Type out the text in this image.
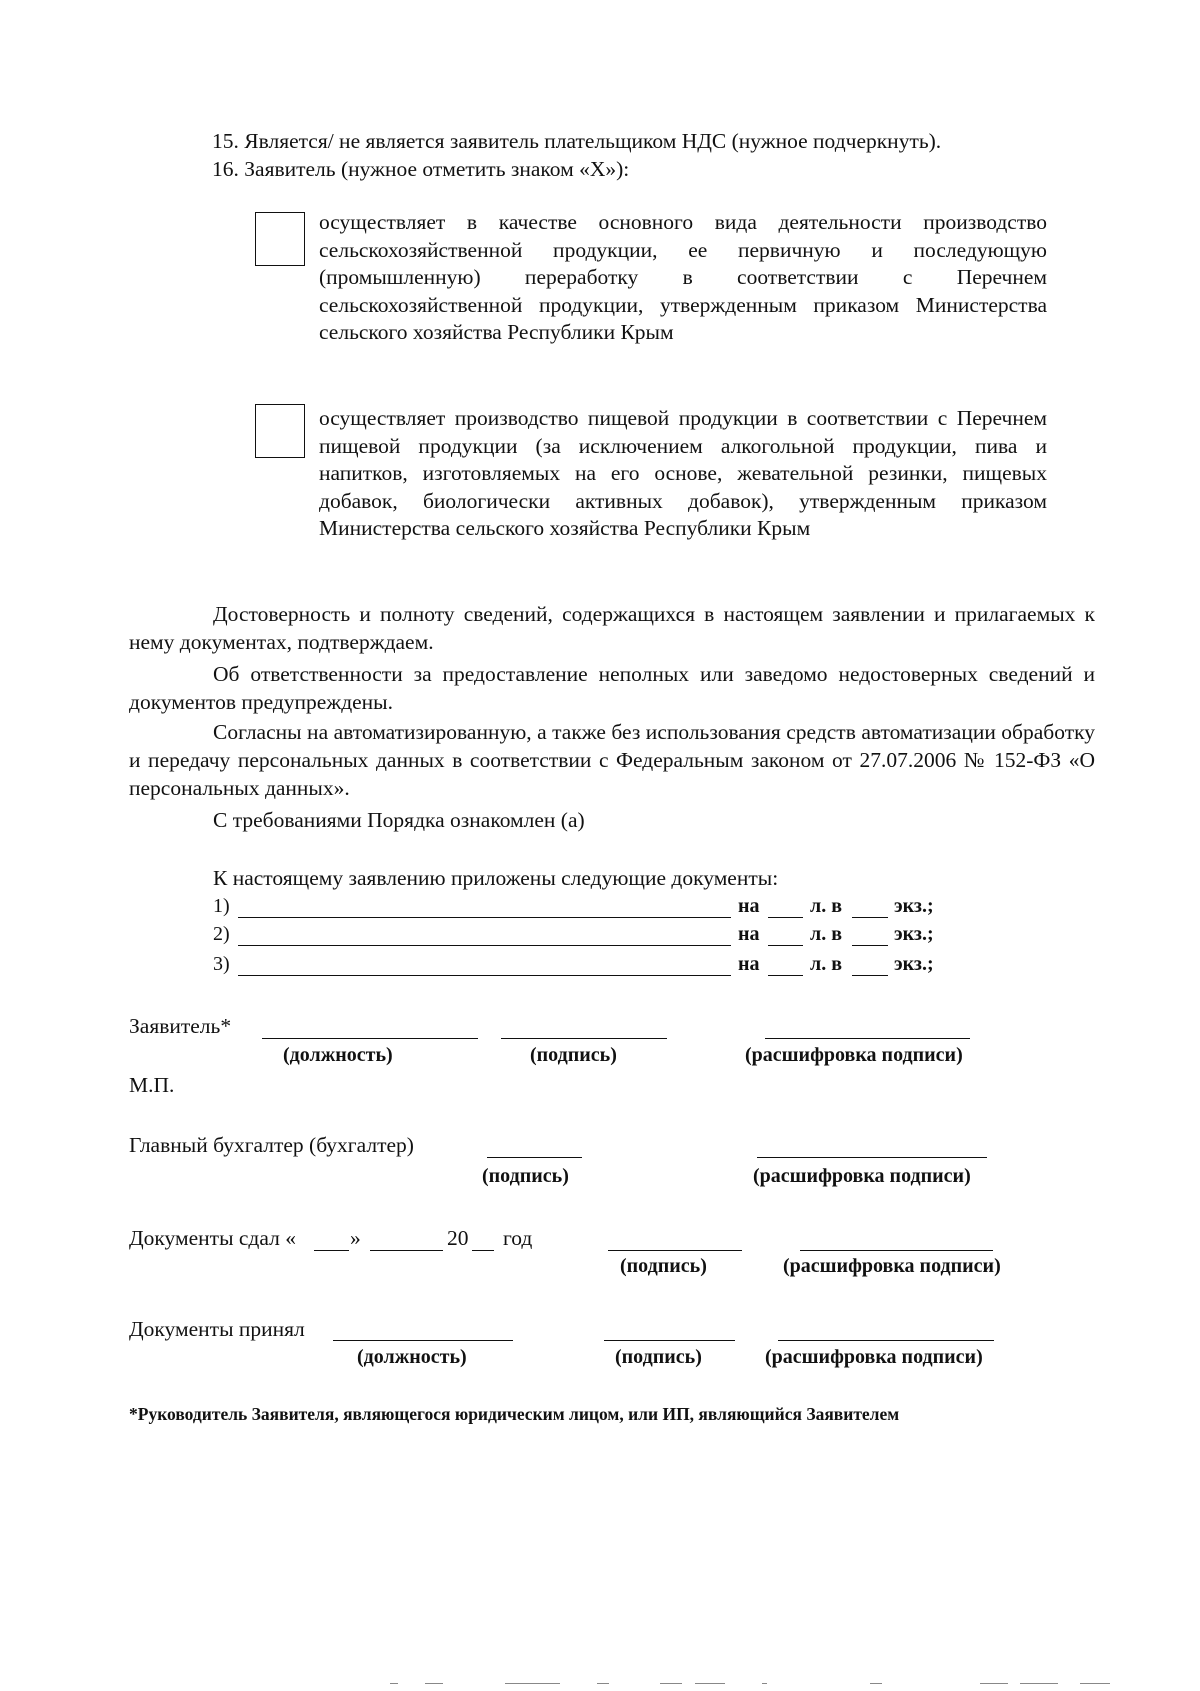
15. Является/ не является заявитель плательщиком НДС (нужное подчеркнуть).
16. Заявитель (нужное отметить знаком «Х»):
осуществляет в качестве основного вида деятельности производство сельскохозяйственной продукции, ее первичную и последующую (промышленную) переработку в соответствии с Перечнем сельскохозяйственной продукции, утвержденным приказом Министерства сельского хозяйства Республики Крым
осуществляет производство пищевой продукции в соответствии с Перечнем пищевой продукции (за исключением алкогольной продукции, пива и напитков, изготовляемых на его основе, жевательной резинки, пищевых добавок, биологически активных добавок), утвержденным приказом Министерства сельского хозяйства Республики Крым
Достоверность и полноту сведений, содержащихся в настоящем заявлении и прилагаемых к нему документах, подтверждаем.
Об ответственности за предоставление неполных или заведомо недостоверных сведений и документов предупреждены.
Согласны на автоматизированную, а также без использования средств автоматизации обработку и передачу персональных данных в соответствии с Федеральным законом от 27.07.2006 № 152-ФЗ «О персональных данных».
С требованиями Порядка ознакомлен (а)
К настоящему заявлению приложены следующие документы:
1)	на	л. в	экз.;
2)	на	л. в	экз.;
3)	на	л. в	экз.;
Заявитель*
(должность)	(подпись)	(расшифровка подписи)
М.П.
Главный бухгалтер (бухгалтер)
(подпись)	(расшифровка подписи)
Документы сдал «	»	20 год
(подпись)	(расшифровка подписи)
Документы принял
(должность)	(подпись)	(расшифровка подписи)
*Руководитель Заявителя, являющегося юридическим лицом, или ИП, являющийся Заявителем
